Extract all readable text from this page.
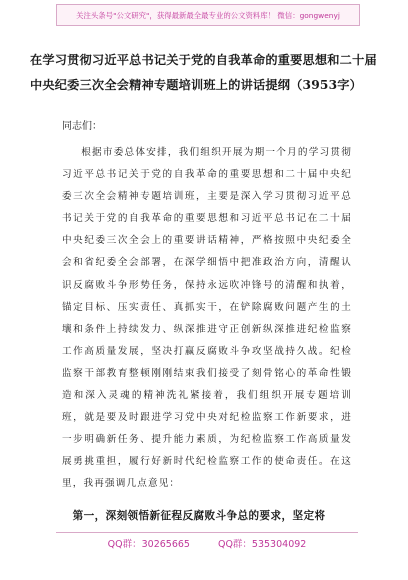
关注头条号"公文研究"，获得最新最全最专业的公文资料库！ 微信：gongwenyj
在学习贯彻习近平总书记关于党的自我革命的重要思想和二十届中央纪委三次全会精神专题培训班上的讲话提纲（3953字）
同志们：
根据市委总体安排，我们组织开展为期一个月的学习贯彻习近平总书记关于党的自我革命的重要思想和二十届中央纪委三次全会精神专题培训班，主要是深入学习贯彻习近平总书记关于党的自我革命的重要思想和习近平总书记在二十届中央纪委三次全会上的重要讲话精神，严格按照中央纪委全会和省纪委全会部署，在深学细悟中把准政治方向，清醒认识反腐败斗争形势任务，保持永远吹冲锋号的清醒和执着，锚定目标、压实责任、真抓实干，在铲除腐败问题产生的土壤和条件上持续发力、纵深推进守正创新纵深推进纪检监察工作高质量发展，坚决打赢反腐败斗争攻坚战持久战。纪检监察干部教育整顿刚刚结束我们接受了刻骨铭心的革命性锻造和深入灵魂的精神洗礼紧接着，我们组织开展专题培训班，就是要及时跟进学习党中央对纪检监察工作新要求，进一步明确新任务、提升能力素质，为纪检监察工作高质量发展勇挑重担，履行好新时代纪检监察工作的使命责任。在这里，我再强调几点意见：
第一，深刻领悟新征程反腐败斗争总的要求，坚定将
QQ群：30265665	QQ群：535304092
